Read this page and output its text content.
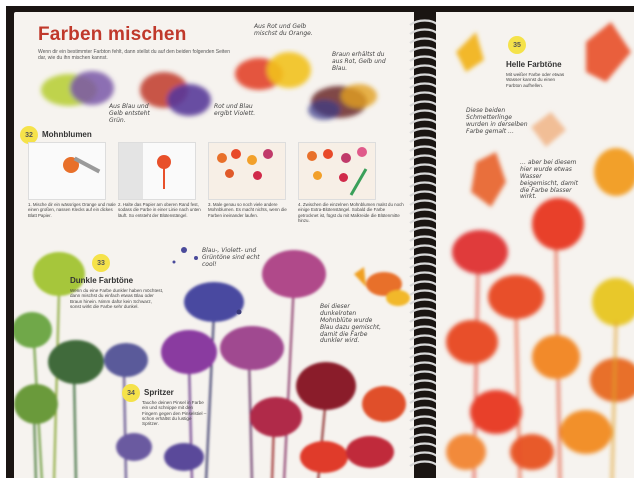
Farben mischen
Wenn dir ein bestimmter Farbton fehlt, dann stellst du auf den beiden folgenden Seiten dar, wie du ihn mischen kannst.
Aus Blau und Gelb entsteht Grün.
Rot und Blau ergibt Violett.
Aus Rot und Gelb mischst du Orange.
Braun erhältst du aus Rot, Gelb und Blau.
32	Mohnblumen
1. Mische dir ein wässriges Orange und male einen großen, nassen Klecks auf ein dickes Blatt Papier.
2. Halte das Papier am oberen Rand fest, sodass die Farbe in einer Linie nach unten läuft. So entsteht der Blütenstängel.
3. Male genau so noch viele andere Mohnblumen. Es macht nichts, wenn die Farben ineinander laufen.
4. Zwischen die einzelnen Mohnblumen malst du noch einige Extra-Blütenstängel. Sobald die Farbe getrocknet ist, fügst du mit Malkreide die Blütenmitte hinzu.
33
Dunkle Farbtöne
Wenn du eine Farbe dunkler haben möchtest, dann mischst du einfach etwas Blau oder Braun hinein. Nimm dafür kein Schwarz, sonst wirkt die Farbe sehr dunkel.
34	Spritzer
Tauche deinen Pinsel in Farbe ein und schnippe mit den Fingern gegen den Pinselstiel – schon erhältst du lustige Spritzer.
Blau-, Violett- und Grüntöne sind echt cool!
Bei dieser dunkelroten Mohnblüte wurde Blau dazu gemischt, damit die Farbe dunkler wird.
35
Helle Farbtöne
Mit weißer Farbe oder etwas Wasser kannst du einen Farbton aufhellen.
Diese beiden Schmetterlinge wurden in derselben Farbe gemalt …
… aber bei diesem hier wurde etwas Wasser beigemischt, damit die Farbe blasser wirkt.
